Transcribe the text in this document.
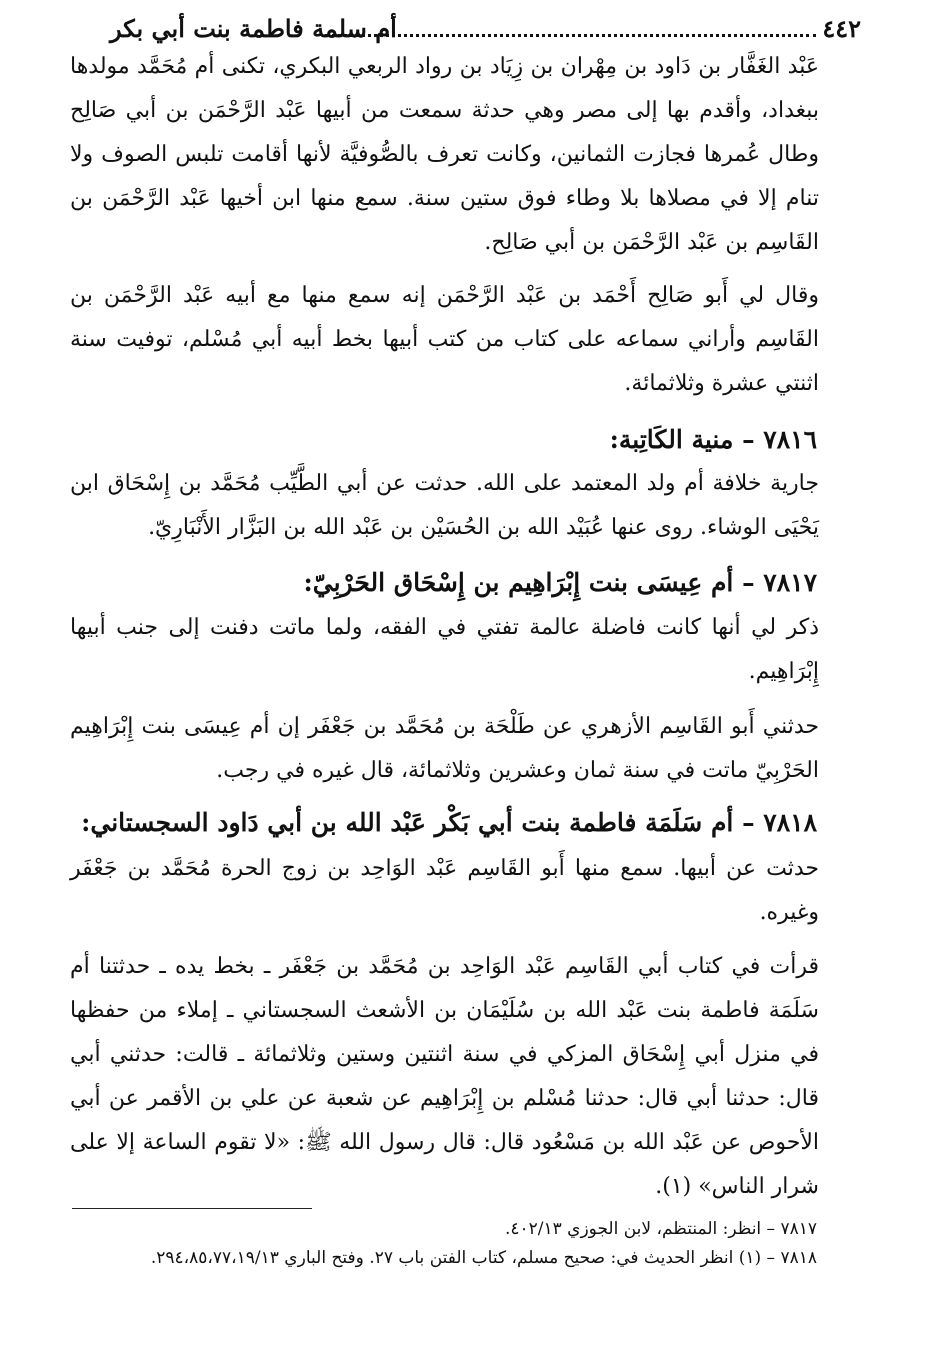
٤٤٢
أم سلمة فاطمة بنت أبي بكر

عَبْد الغَفَّار بن دَاود بن مِهْران بن زِيَاد بن رواد الربعي البكري، تكنى أم مُحَمَّد مولدها ببغداد، وأقدم بها إلى مصر وهي حدثة سمعت من أبيها عَبْد الرَّحْمَن بن أبي صَالِح وطال عُمرها فجازت الثمانين، وكانت تعرف بالصُّوفيَّة لأنها أقامت تلبس الصوف ولا تنام إلا في مصلاها بلا وطاء فوق ستين سنة. سمع منها ابن أخيها عَبْد الرَّحْمَن بن القَاسِم بن عَبْد الرَّحْمَن بن أبي صَالِح.

وقال لي أَبو صَالِح أَحْمَد بن عَبْد الرَّحْمَن إنه سمع منها مع أبيه عَبْد الرَّحْمَن بن القَاسِم وأراني سماعه على كتاب من كتب أبيها بخط أبيه أبي مُسْلم، توفيت سنة اثنتي عشرة وثلاثمائة.

٧٨١٦ – منية الكَاتِبة:

جارية خلافة أم ولد المعتمد على الله. حدثت عن أبي الطَّيِّب مُحَمَّد بن إِسْحَاق ابن يَحْيَى الوشاء. روى عنها عُبَيْد الله بن الحُسَيْن بن عَبْد الله بن البَزَّار الأَنْبَارِيّ.

٧٨١٧ – أم عِيسَى بنت إِبْرَاهِيم بن إِسْحَاق الحَرْبِيّ:

ذكر لي أنها كانت فاضلة عالمة تفتي في الفقه، ولما ماتت دفنت إلى جنب أبيها إِبْرَاهِيم.

حدثني أَبو القَاسِم الأزهري عن طَلْحَة بن مُحَمَّد بن جَعْفَر إن أم عِيسَى بنت إِبْرَاهِيم الحَرْبِيّ ماتت في سنة ثمان وعشرين وثلاثمائة، قال غيره في رجب.

٧٨١٨ – أم سَلَمَة فاطمة بنت أبي بَكْر عَبْد الله بن أبي دَاود السجستاني:

حدثت عن أبيها. سمع منها أَبو القَاسِم عَبْد الوَاحِد بن زوج الحرة مُحَمَّد بن جَعْفَر وغيره.

قرأت في كتاب أبي القَاسِم عَبْد الوَاحِد بن مُحَمَّد بن جَعْفَر ـ بخط يده ـ حدثتنا أم سَلَمَة فاطمة بنت عَبْد الله بن سُلَيْمَان بن الأشعث السجستاني ـ إملاء من حفظها في منزل أبي إِسْحَاق المزكي في سنة اثنتين وستين وثلاثمائة ـ قالت: حدثني أبي قال: حدثنا أبي قال: حدثنا مُسْلم بن إِبْرَاهِيم عن شعبة عن علي بن الأقمر عن أبي الأحوص عن عَبْد الله بن مَسْعُود قال: قال رسول الله ﷺ: «لا تقوم الساعة إلا على شرار الناس» (١).

٧٨١٧ – انظر: المنتظم، لابن الجوزي ٤٠٢/١٣.
٧٨١٨ – (١) انظر الحديث في: صحيح مسلم، كتاب الفتن باب ٢٧. وفتح الباري ٢٩٤،٨٥،٧٧،١٩/١٣.
